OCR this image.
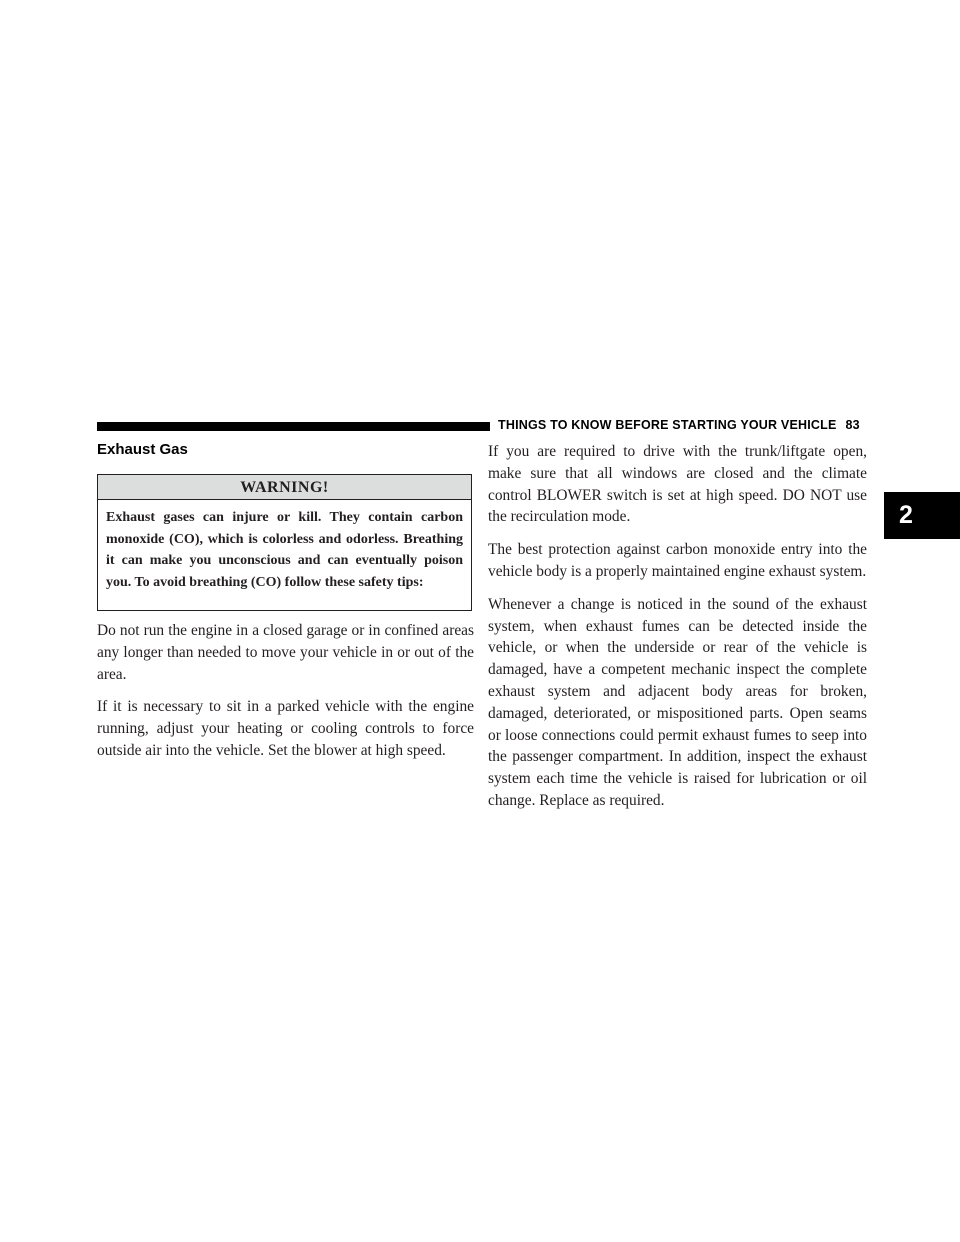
THINGS TO KNOW BEFORE STARTING YOUR VEHICLE 83
2
Exhaust Gas
WARNING!
Exhaust gases can injure or kill. They contain carbon monoxide (CO), which is colorless and odorless. Breathing it can make you unconscious and can eventually poison you. To avoid breathing (CO) follow these safety tips:

Do not run the engine in a closed garage or in confined areas any longer than needed to move your vehicle in or out of the area.

If it is necessary to sit in a parked vehicle with the engine running, adjust your heating or cooling controls to force outside air into the vehicle. Set the blower at high speed.

If you are required to drive with the trunk/liftgate open, make sure that all windows are closed and the climate control BLOWER switch is set at high speed. DO NOT use the recirculation mode.

The best protection against carbon monoxide entry into the vehicle body is a properly maintained engine exhaust system.

Whenever a change is noticed in the sound of the exhaust system, when exhaust fumes can be detected inside the vehicle, or when the underside or rear of the vehicle is damaged, have a competent mechanic inspect the complete exhaust system and adjacent body areas for broken, damaged, deteriorated, or mispositioned parts. Open seams or loose connections could permit exhaust fumes to seep into the passenger compartment. In addition, inspect the exhaust system each time the vehicle is raised for lubrication or oil change. Replace as required.
